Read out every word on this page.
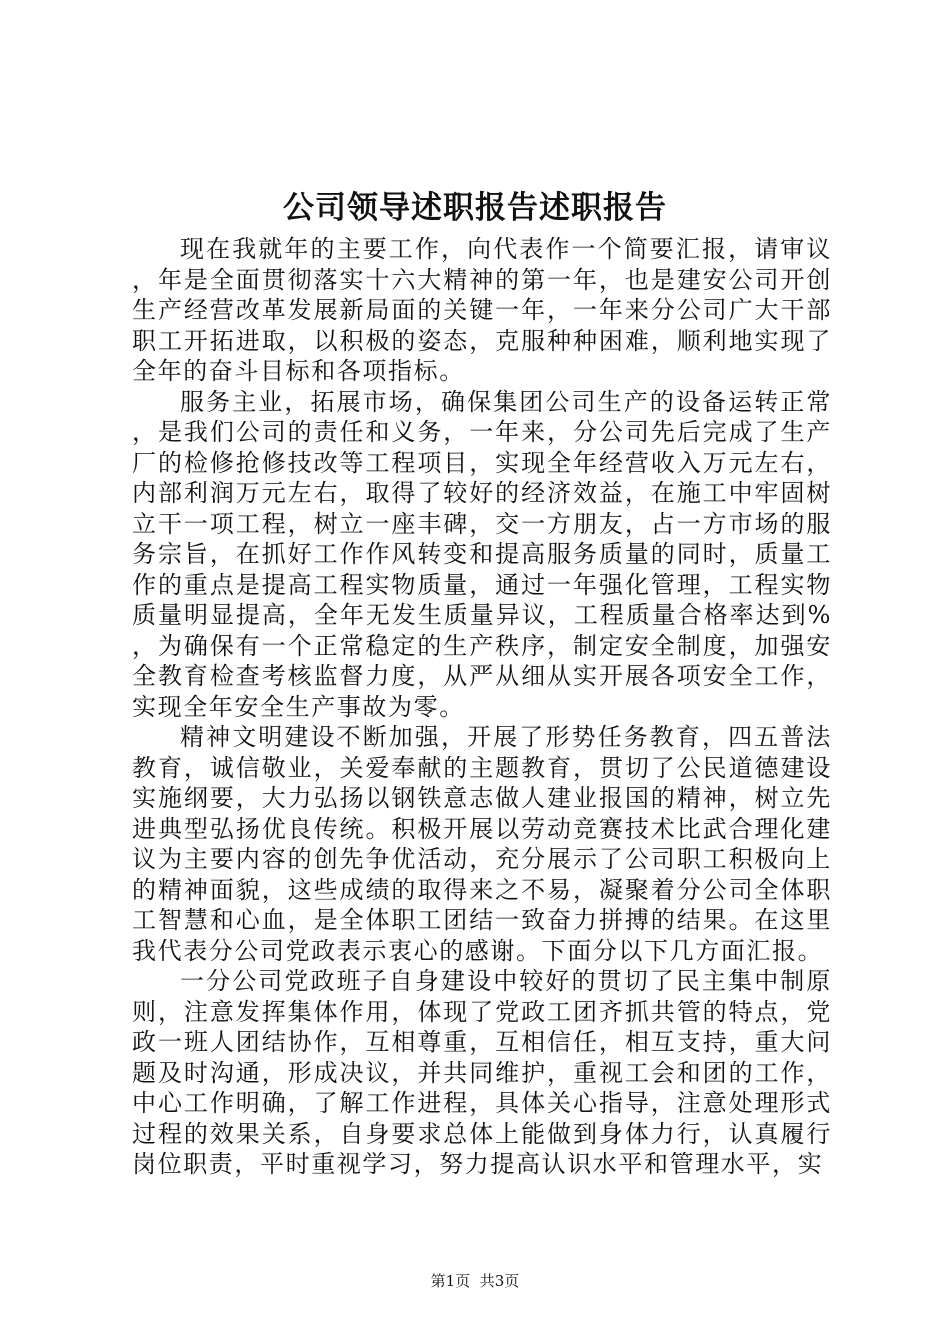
公司领导述职报告述职报告

现在我就年的主要工作，向代表作一个简要汇报，请审议，年是全面贯彻落实十六大精神的第一年，也是建安公司开创生产经营改革发展新局面的关键一年，一年来分公司广大干部职工开拓进取，以积极的姿态，克服种种困难，顺利地实现了全年的奋斗目标和各项指标。

服务主业，拓展市场，确保集团公司生产的设备运转正常，是我们公司的责任和义务，一年来，分公司先后完成了生产厂的检修抢修技改等工程项目，实现全年经营收入万元左右，内部利润万元左右，取得了较好的经济效益，在施工中牢固树立干一项工程，树立一座丰碑，交一方朋友，占一方市场的服务宗旨，在抓好工作作风转变和提高服务质量的同时，质量工作的重点是提高工程实物质量，通过一年强化管理，工程实物质量明显提高，全年无发生质量异议，工程质量合格率达到%，为确保有一个正常稳定的生产秩序，制定安全制度，加强安全教育检查考核监督力度，从严从细从实开展各项安全工作，实现全年安全生产事故为零。

精神文明建设不断加强，开展了形势任务教育，四五普法教育，诚信敬业，关爱奉献的主题教育，贯切了公民道德建设实施纲要，大力弘扬以钢铁意志做人建业报国的精神，树立先进典型弘扬优良传统。积极开展以劳动竞赛技术比武合理化建议为主要内容的创先争优活动，充分展示了公司职工积极向上的精神面貌，这些成绩的取得来之不易，凝聚着分公司全体职工智慧和心血，是全体职工团结一致奋力拼搏的结果。在这里我代表分公司党政表示衷心的感谢。下面分以下几方面汇报。

一分公司党政班子自身建设中较好的贯切了民主集中制原则，注意发挥集体作用，体现了党政工团齐抓共管的特点，党政一班人团结协作，互相尊重，互相信任，相互支持，重大问题及时沟通，形成决议，并共同维护，重视工会和团的工作，中心工作明确，了解工作进程，具体关心指导，注意处理形式过程的效果关系，自身要求总体上能做到身体力行，认真履行岗位职责，平时重视学习，努力提高认识水平和管理水平，实

第1页 共3页
